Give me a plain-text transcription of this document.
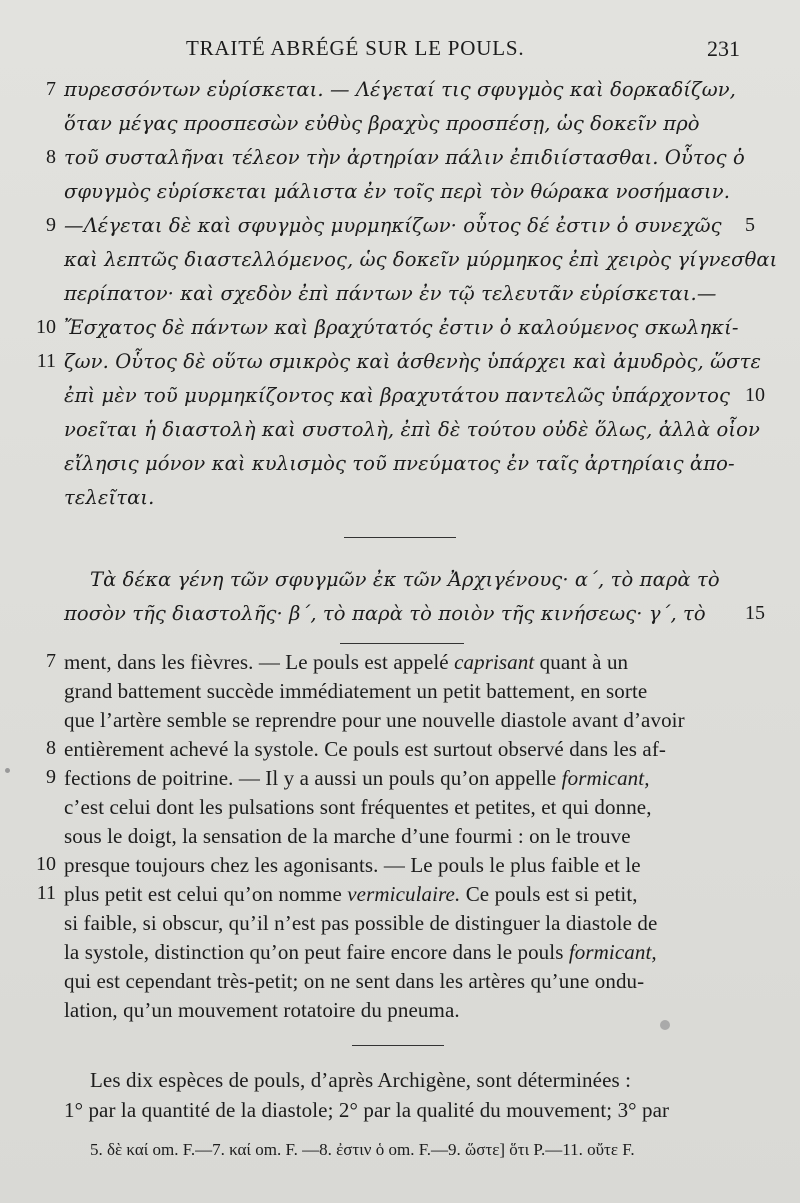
TRAITÉ ABRÉGÉ SUR LE POULS.	231
πυρεσσόντων εὑρίσκεται. — Λέγεταί τις σφυγμὸς καὶ δορκαδίζων,
7
ὅταν μέγας προσπεσὼν εὐθὺς βραχὺς προσπέσῃ, ὡς δοκεῖν πρὸ
τοῦ συσταλῆναι τέλεον τὴν ἀρτηρίαν πάλιν ἐπιδιίστασθαι. Οὗτος ὁ
8
σφυγμὸς εὑρίσκεται μάλιστα ἐν τοῖς περὶ τὸν θώρακα νοσήμασιν.
—Λέγεται δὲ καὶ σφυγμὸς μυρμηκίζων· οὗτος δέ ἐστιν ὁ συνεχῶς
9	5
καὶ λεπτῶς διαστελλόμενος, ὡς δοκεῖν μύρμηκος ἐπὶ χειρὸς γίγνεσθαι
περίπατον· καὶ σχεδὸν ἐπὶ πάντων ἐν τῷ τελευτᾶν εὑρίσκεται.—
Ἔσχατος δὲ πάντων καὶ βραχύτατός ἐστιν ὁ καλούμενος σκωληκί-
10
ζων. Οὗτος δὲ οὕτω σμικρὸς καὶ ἀσθενὴς ὑπάρχει καὶ ἀμυδρὸς, ὥστε
11
ἐπὶ μὲν τοῦ μυρμηκίζοντος καὶ βραχυτάτου παντελῶς ὑπάρχοντος 10
νοεῖται ἡ διαστολὴ καὶ συστολὴ, ἐπὶ δὲ τούτου οὐδὲ ὅλως, ἀλλὰ οἷον
εἴλησις μόνον καὶ κυλισμὸς τοῦ πνεύματος ἐν ταῖς ἀρτηρίαις ἀπο-
τελεῖται.
Τὰ δέκα γένη τῶν σφυγμῶν ἐκ τῶν Ἀρχιγένους· α΄, τὸ παρὰ τὸ
ποσὸν τῆς διαστολῆς· β΄, τὸ παρὰ τὸ ποιὸν τῆς κινήσεως· γ΄, τὸ	15
ment, dans les fièvres. — Le pouls est appelé caprisant quant à un
7
grand battement succède immédiatement un petit battement, en sorte
que l’artère semble se reprendre pour une nouvelle diastole avant d’avoir
entièrement achevé la systole. Ce pouls est surtout observé dans les af-
8
fections de poitrine. — Il y a aussi un pouls qu’on appelle formicant,
9
c’est celui dont les pulsations sont fréquentes et petites, et qui donne,
sous le doigt, la sensation de la marche d’une fourmi : on le trouve
presque toujours chez les agonisants. — Le pouls le plus faible et le
10
plus petit est celui qu’on nomme vermiculaire. Ce pouls est si petit,
11
si faible, si obscur, qu’il n’est pas possible de distinguer la diastole de
la systole, distinction qu’on peut faire encore dans le pouls formicant,
qui est cependant très-petit; on ne sent dans les artères qu’une ondu-
lation, qu’un mouvement rotatoire du pneuma.
Les dix espèces de pouls, d’après Archigène, sont déterminées :
1° par la quantité de la diastole; 2° par la qualité du mouvement; 3° par
5. δὲ καί om. F.—7. καί om. F. —8. ἐστιν ὁ om. F.—9. ὥστε] ὅτι P.—11. οὔτε F.
